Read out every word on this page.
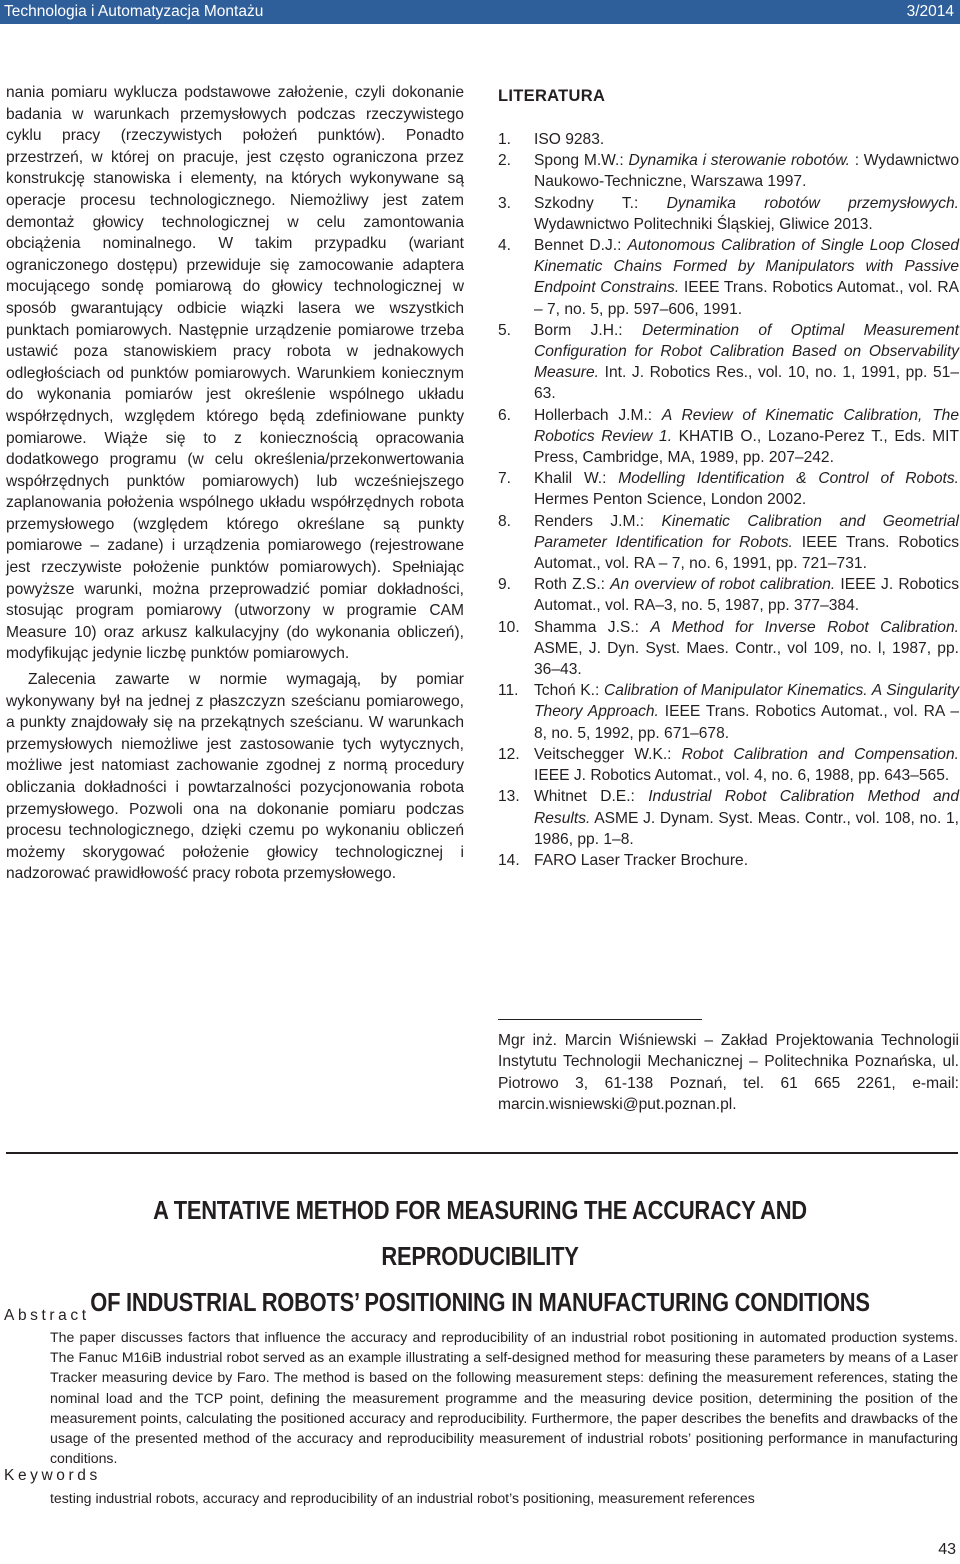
Technologia i Automatyzacja Montażu	3/2014

nania pomiaru wyklucza podstawowe założenie, czyli dokonanie badania w warunkach przemysłowych podczas rzeczywistego cyklu pracy (rzeczywistych położeń punktów). Ponadto przestrzeń, w której on pracuje, jest często ograniczona przez konstrukcję stanowiska i elementy, na których wykonywane są operacje procesu technologicznego. Niemożliwy jest zatem demontaż głowicy technologicznej w celu zamontowania obciążenia nominalnego. W takim przypadku (wariant ograniczonego dostępu) przewiduje się zamocowanie adaptera mocującego sondę pomiarową do głowicy technologicznej w sposób gwarantujący odbicie wiązki lasera we wszystkich punktach pomiarowych. Następnie urządzenie pomiarowe trzeba ustawić poza stanowiskiem pracy robota w jednakowych odległościach od punktów pomiarowych. Warunkiem koniecznym do wykonania pomiarów jest określenie wspólnego układu współrzędnych, względem którego będą zdefiniowane punkty pomiarowe. Wiąże się to z koniecznością opracowania dodatkowego programu (w celu określenia/przekonwertowania współrzędnych punktów pomiarowych) lub wcześniejszego zaplanowania położenia wspólnego układu współrzędnych robota przemysłowego (względem którego określane są punkty pomiarowe – zadane) i urządzenia pomiarowego (rejestrowane jest rzeczywiste położenie punktów pomiarowych). Spełniając powyższe warunki, można przeprowadzić pomiar dokładności, stosując program pomiarowy (utworzony w programie CAM Measure 10) oraz arkusz kalkulacyjny (do wykonania obliczeń), modyfikując jedynie liczbę punktów pomiarowych.

Zalecenia zawarte w normie wymagają, by pomiar wykonywany był na jednej z płaszczyzn sześcianu pomiarowego, a punkty znajdowały się na przekątnych sześcianu. W warunkach przemysłowych niemożliwe jest zastosowanie tych wytycznych, możliwe jest natomiast zachowanie zgodnej z normą procedury obliczania dokładności i powtarzalności pozycjonowania robota przemysłowego. Pozwoli ona na dokonanie pomiaru podczas procesu technologicznego, dzięki czemu po wykonaniu obliczeń możemy skorygować położenie głowicy technologicznej i nadzorować prawidłowość pracy robota przemysłowego.

LITERATURA
1. ISO 9283.
2. Spong M.W.: Dynamika i sterowanie robotów. : Wydawnictwo Naukowo-Techniczne, Warszawa 1997.
3. Szkodny T.: Dynamika robotów przemysłowych. Wydawnictwo Politechniki Śląskiej, Gliwice 2013.
4. Bennet D.J.: Autonomous Calibration of Single Loop Closed Kinematic Chains Formed by Manipulators with Passive Endpoint Constrains. IEEE Trans. Robotics Automat., vol. RA – 7, no. 5, pp. 597–606, 1991.
5. Borm J.H.: Determination of Optimal Measurement Configuration for Robot Calibration Based on Observability Measure. Int. J. Robotics Res., vol. 10, no. 1, 1991, pp. 51–63.
6. Hollerbach J.M.: A Review of Kinematic Calibration, The Robotics Review 1. KHATIB O., Lozano-Perez T., Eds. MIT Press, Cambridge, MA, 1989, pp. 207–242.
7. Khalil W.: Modelling Identification & Control of Robots. Hermes Penton Science, London 2002.
8. Renders J.M.: Kinematic Calibration and Geometrial Parameter Identification for Robots. IEEE Trans. Robotics Automat., vol. RA – 7, no. 6, 1991, pp. 721–731.
9. Roth Z.S.: An overview of robot calibration. IEEE J. Robotics Automat., vol. RA–3, no. 5, 1987, pp. 377–384.
10. Shamma J.S.: A Method for Inverse Robot Calibration. ASME, J. Dyn. Syst. Maes. Contr., vol 109, no. l, 1987, pp. 36–43.
11. Tchoń K.: Calibration of Manipulator Kinematics. A Singularity Theory Approach. IEEE Trans. Robotics Automat., vol. RA – 8, no. 5, 1992, pp. 671–678.
12. Veitschegger W.K.: Robot Calibration and Compensation. IEEE J. Robotics Automat., vol. 4, no. 6, 1988, pp. 643–565.
13. Whitnet D.E.: Industrial Robot Calibration Method and Results. ASME J. Dynam. Syst. Meas. Contr., vol. 108, no. 1, 1986, pp. 1–8.
14. FARO Laser Tracker Brochure.
Mgr inż. Marcin Wiśniewski – Zakład Projektowania Technologii Instytutu Technologii Mechanicznej – Politechnika Poznańska, ul. Piotrowo 3, 61-138 Poznań, tel. 61 665 2261, e-mail: marcin.wisniewski@put.poznan.pl.
A TENTATIVE METHOD FOR MEASURING THE ACCURACY AND REPRODUCIBILITY
OF INDUSTRIAL ROBOTS’ POSITIONING IN MANUFACTURING CONDITIONS
Abstract
The paper discusses factors that influence the accuracy and reproducibility of an industrial robot positioning in automated production systems. The Fanuc M16iB industrial robot served as an example illustrating a self-designed method for measuring these parameters by means of a Laser Tracker measuring device by Faro. The method is based on the following measurement steps: defining the measurement references, stating the nominal load and the TCP point, defining the measurement programme and the measuring device position, determining the position of the measurement points, calculating the positioned accuracy and reproducibility. Furthermore, the paper describes the benefits and drawbacks of the usage of the presented method of the accuracy and reproducibility measurement of industrial robots’ positioning performance in manufacturing conditions.
Keywords
testing industrial robots, accuracy and reproducibility of an industrial robot’s positioning, measurement references
43
